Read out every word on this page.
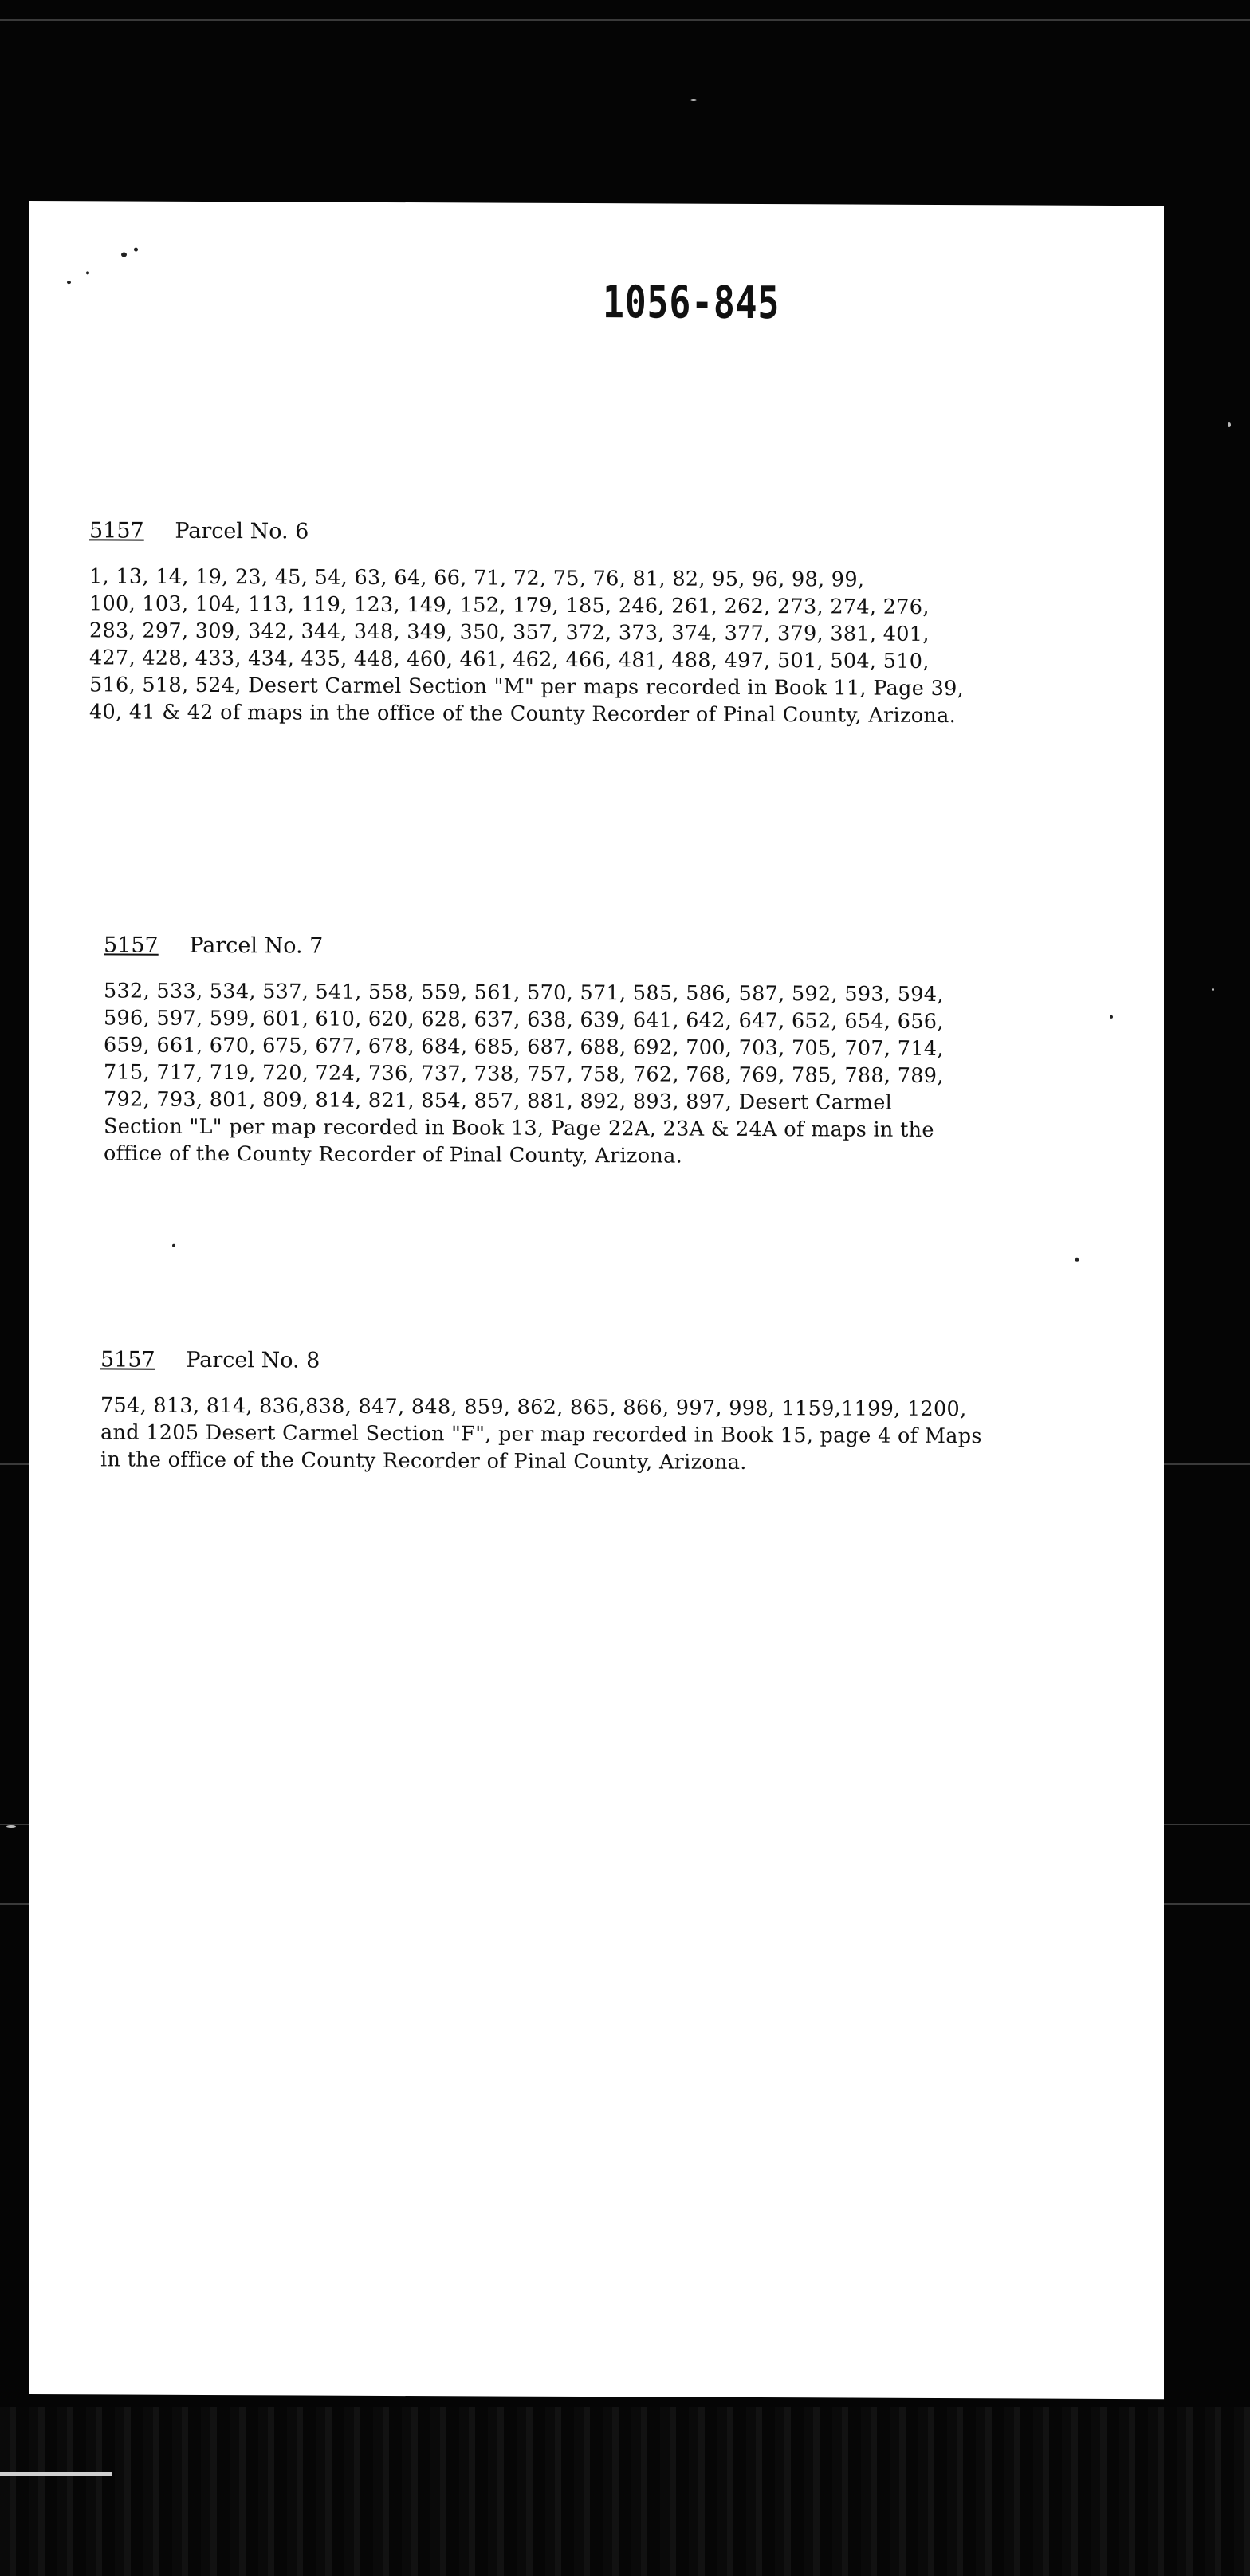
1056-845
5157 Parcel No. 6
1, 13, 14, 19, 23, 45, 54, 63, 64, 66, 71, 72, 75, 76, 81, 82, 95, 96, 98, 99,
100, 103, 104, 113, 119, 123, 149, 152, 179, 185, 246, 261, 262, 273, 274, 276,
283, 297, 309, 342, 344, 348, 349, 350, 357, 372, 373, 374, 377, 379, 381, 401,
427, 428, 433, 434, 435, 448, 460, 461, 462, 466, 481, 488, 497, 501, 504, 510,
516, 518, 524, Desert Carmel Section "M" per maps recorded in Book 11, Page 39,
40, 41 & 42 of maps in the office of the County Recorder of Pinal County, Arizona.
5157 Parcel No. 7
532, 533, 534, 537, 541, 558, 559, 561, 570, 571, 585, 586, 587, 592, 593, 594,
596, 597, 599, 601, 610, 620, 628, 637, 638, 639, 641, 642, 647, 652, 654, 656,
659, 661, 670, 675, 677, 678, 684, 685, 687, 688, 692, 700, 703, 705, 707, 714,
715, 717, 719, 720, 724, 736, 737, 738, 757, 758, 762, 768, 769, 785, 788, 789,
792, 793, 801, 809, 814, 821, 854, 857, 881, 892, 893, 897, Desert Carmel
Section "L" per map recorded in Book 13, Page 22A, 23A & 24A of maps in the
office of the County Recorder of Pinal County, Arizona.
5157 Parcel No. 8
754, 813, 814, 836,838, 847, 848, 859, 862, 865, 866, 997, 998, 1159,1199, 1200,
and 1205 Desert Carmel Section "F", per map recorded in Book 15, page 4 of Maps
in the office of the County Recorder of Pinal County, Arizona.
